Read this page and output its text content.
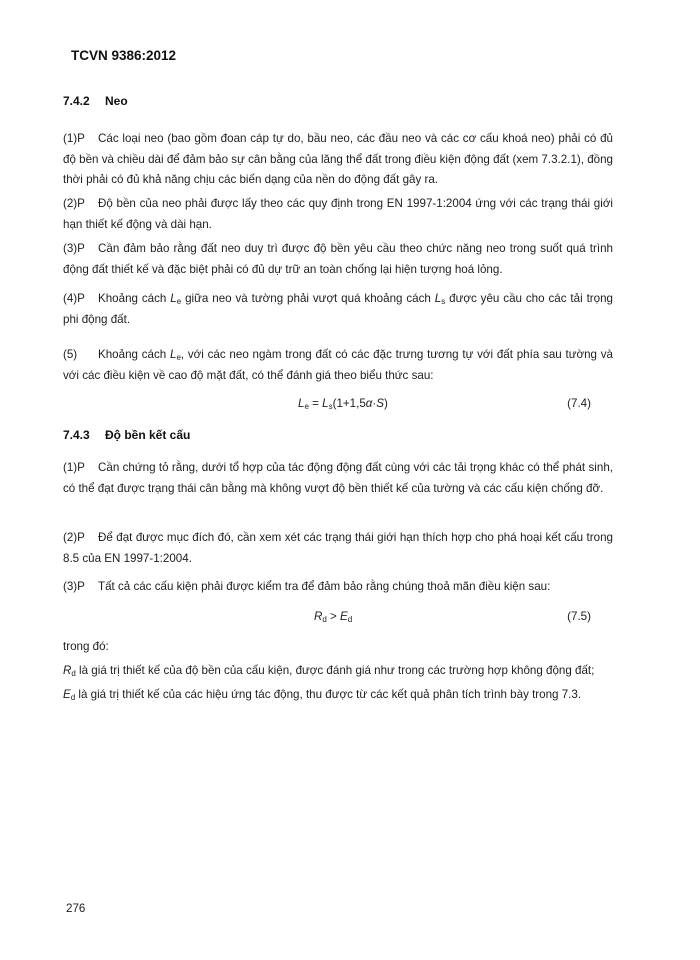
TCVN 9386:2012
7.4.2 Neo
(1)P Các loại neo (bao gồm đoan cáp tự do, bầu neo, các đầu neo và các cơ cấu khoá neo) phải có đủ độ bền và chiều dài để đảm bảo sự cân bằng của lăng thể đất trong điều kiện động đất (xem 7.3.2.1), đồng thời phải có đủ khả năng chịu các biến dạng của nền do động đất gây ra.
(2)P Độ bền của neo phải được lấy theo các quy định trong EN 1997-1:2004 ứng với các trạng thái giới hạn thiết kế động và dài hạn.
(3)P Cần đảm bảo rằng đất neo duy trì được độ bền yêu cầu theo chức năng neo trong suốt quá trình động đất thiết kế và đặc biệt phải có đủ dự trữ an toàn chống lại hiện tượng hoá lỏng.
(4)P Khoảng cách $L_e$ giữa neo và tường phải vượt quá khoảng cách $L_s$ được yêu cầu cho các tải trọng phi động đất.
(5) Khoảng cách $L_e$, với các neo ngàm trong đất có các đặc trưng tương tự với đất phía sau tường và với các điều kiện về cao độ mặt đất, có thể đánh giá theo biểu thức sau:
$L_e = L_s(1+1,5\alpha\cdot S)$	(7.4)
7.4.3 Độ bền kết cấu
(1)P Cần chứng tỏ rằng, dưới tổ hợp của tác động động đất cùng với các tải trọng khác có thể phát sinh, có thể đạt được trạng thái cân bằng mà không vượt độ bền thiết kế của tường và các cấu kiện chống đỡ.
(2)P Để đạt được mục đích đó, cần xem xét các trạng thái giới hạn thích hợp cho phá hoại kết cấu trong 8.5 của EN 1997-1:2004.
(3)P Tất cả các cấu kiện phải được kiểm tra để đảm bảo rằng chúng thoả mãn điều kiện sau:
$R_d > E_d$	(7.5)
trong đó:
$R_d$ là giá trị thiết kế của độ bền của cấu kiện, được đánh giá như trong các trường hợp không động đất;
$E_d$ là giá trị thiết kế của các hiệu ứng tác động, thu được từ các kết quả phân tích trình bày trong 7.3.
276
